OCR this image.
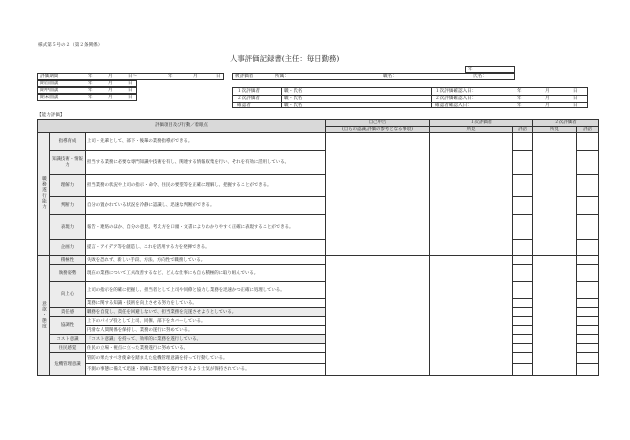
様式第５号の２（第２条関係）
人事評価記録書(主任：毎日勤務)
年
被評価者	所属：	職名：	氏名：
評価期間	年	月	日～	年	月	日
期首面談	年	月	日
期中面談	年	月	日
期末面談	年	月	日
１次評価者	職・氏名	１次評価確認入日：	年	月	日
２次評価者	職・氏名	２次評価確認入日：	年	月	日
確認者	職・氏名	確認者確認入日：	年	月	日
【能力評価】
評価項目及び行動／着眼点			自己申告	１次評価者		２次評価者	
			(自らの認識,評価の参考となる事項)	所見	評語	所見	評語
職務遂行能力	指導育成	上司・先輩として、部下・後輩の業務指導ができる。					
	知識技術・情報力	担当する業務に必要な専門知識や技術を有し、関連する情報収集を行い、それを有効に活用している。					
	理解力	担当業務の状況や上司の指示・命令、住民の要望等を正確に理解し、把握することができる。					
	判断力	自分の置かれている状況を冷静に認識し、迅速な判断ができる。					
	表現力	報告・連絡のほか、自分の意見、考え方を口頭・文書によりわかりやすく正確に表現することができる。					
	企画力	提言・アイデア等を創造し、これを活用する力を発揮できる。					
意欲・態度	積極性	失敗を恐れず、新しい手段、方法、方向性で職務している。					
	執務姿勢	現在の業務について工夫改善するなど、どんな仕事にも自ら積極的に取り組んでいる。					
	向上心	上司の指示を的確に把握し、担当者として上司や同僚と協力し業務を迅速かつ正確に処理している。					
		業務に関する知識・技術を向上させる努力をしている。					
	責任感	職務を自覚し、責任を回避しないで、担当業務を完遂させようとしている。					
	協調性	上下のパイプ役として上司、同僚、部下をカバーしている。					
		円滑な人間関係を保持し、業務の遂行に努めている。					
	コスト意識	「コスト意識」を持って、効率的に業務を遂行している。					
	住民感覚	住民の立場・視点に立った業務遂行に努めている。					
	危機管理意識	管防の果たすべき使命を踏まえた危機管理意識を持って行動している。					
		不測の事態に備えて迅速・的確に業務等を遂行できるよう士気が保持されている。					
